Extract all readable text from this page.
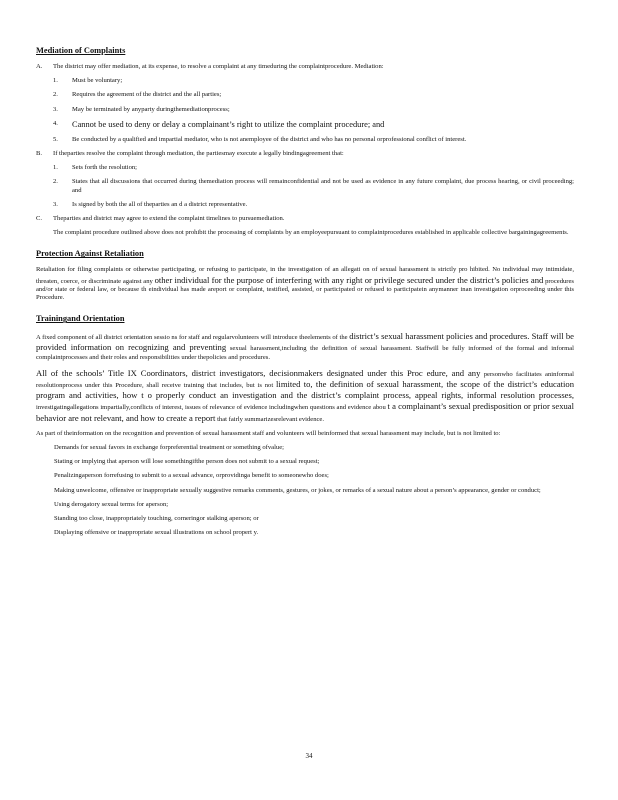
Mediation of Complaints
A.	The district may offer mediation, at its expense, to resolve a complaint at any timeduring the complaintprocedure. Mediation:
1.	Must be voluntary;
2.	Requires the agreement of the district and the all parties;
3.	May be terminated by anyparty duringthemediationprocess;
4.	Cannot be used to deny or delay a complainant’s right to utilize the complaint procedure; and
5.	Be conducted by a qualified and impartial mediator, who is not anemployee of the district and who has no personal orprofessional conflict of interest.
B.	If theparties resolve the complaint through mediation, the partiesmay execute a legally bindingagreement that:
1.	Sets forth the resolution;
2.	States that all discussions that occurred during themediation process will remainconfidential and not be used as evidence in any future complaint, due process hearing, or civil proceeding; and
3.	Is signed by both the all of theparties an d a district representative.
C.	Theparties and district may agree to extend the complaint timelines to pursuemediation.
The complaint procedure outlined above does not prohibit the processing of complaints by an employeepursuant to complaintprocedures established in applicable collective bargainingagreements.
Protection Against Retaliation
Retaliation for filing complaints or otherwise participating, or refusing to participate, in the investigation of an allegati on of sexual harassment is strictly pro hibited. No individual may intimidate, threaten, coerce, or discriminate against any other individual for the purpose of interfering with any right or privilege secured under the district’s policies and procedures and/or state or federal law, or because th eindividual has made areport or complaint, testified, assisted, or participated or refused to participatein anymanner inan investigation orproceeding under this Procedure.
Trainingand Orientation
A fixed component of all district orientation sessio ns for staff and regularvolunteers will introduce theelements of the district’s sexual harassment policies and procedures. Staff will be provided information on recognizing and preventing sexual harassment,including the definition of sexual harassment. Staffwill be fully informed of the formal and informal complaintprocesses and their roles and responsibilities under thepolicies and procedures.
All of the schools’ Title IX Coordinators, district investigators, decisionmakers designated under this Proc edure, and any personwho facilitates aninformal resolutionprocess under this Procedure, shall receive training that includes, but is not limited to, the definition of sexual harassment, the scope of the district’s education program and activities, how t o properly conduct an investigation and the district’s complaint process, appeal rights, informal resolution processes, investigatingallegations impartially,conflicts of interest, issues of relevance of evidence includingwhen questions and evidence abou t a complainant’s sexual predisposition or prior sexual behavior are not relevant, and how to create a report that fairly summarizesrelevant evidence.
As part of theinformation on the recognition and prevention of sexual harassment staff and volunteers will beinformed that sexual harassment may include, but is not limited to:
Demands for sexual favors in exchange forpreferential treatment or something ofvalue;
Stating or implying that aperson will lose somethingifthe person does not submit to a sexual request;
Penalizingaperson forrefusing to submit to a sexual advance, orprovidinga benefit to someonewho does;
Making unwelcome, offensive or inappropriate sexually suggestive remarks comments, gestures, or jokes, or remarks of a sexual nature about a person’s appearance, gender or conduct;
Using derogatory sexual terms for aperson;
Standing too close, inappropriately touching, corneringor stalking aperson; or
Displaying offensive or inappropriate sexual illustrations on school propert y.
34
